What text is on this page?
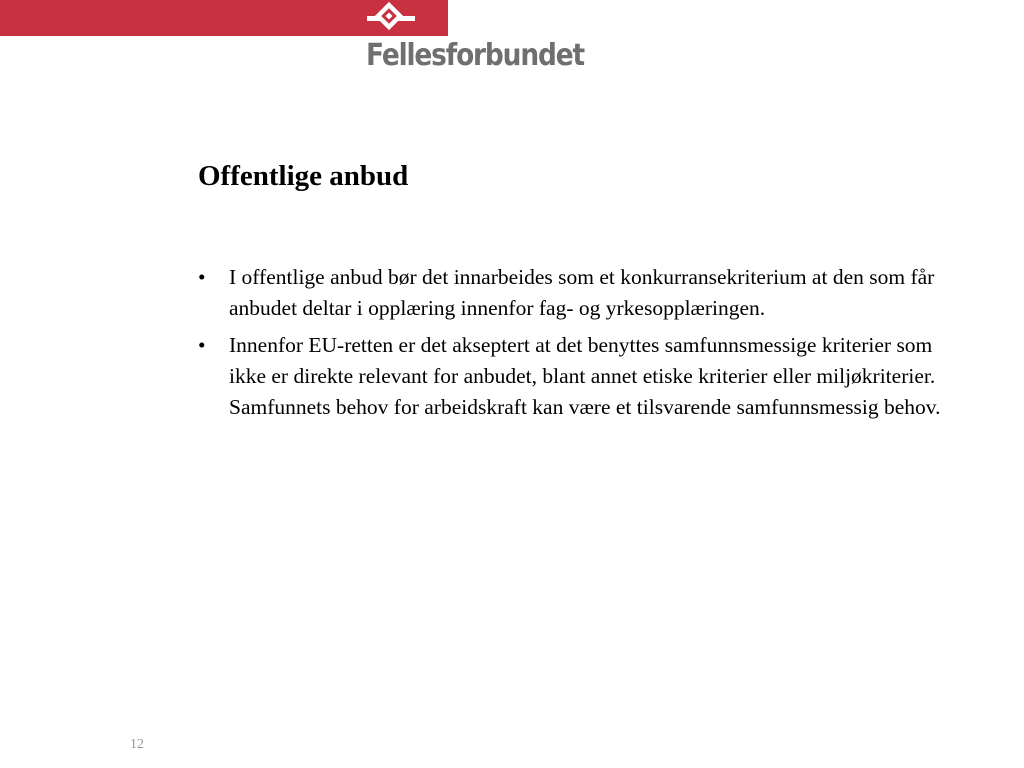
Fellesforbundet
Offentlige anbud
• I offentlige anbud bør det innarbeides som et konkurransekriterium at den som får anbudet deltar i opplæring innenfor fag- og yrkesopplæringen.
• Innenfor EU-retten er det akseptert at det benyttes samfunnsmessige kriterier som ikke er direkte relevant for anbudet, blant annet etiske kriterier eller miljøkriterier. Samfunnets behov for arbeidskraft kan være et tilsvarende samfunnsmessig behov.
12
